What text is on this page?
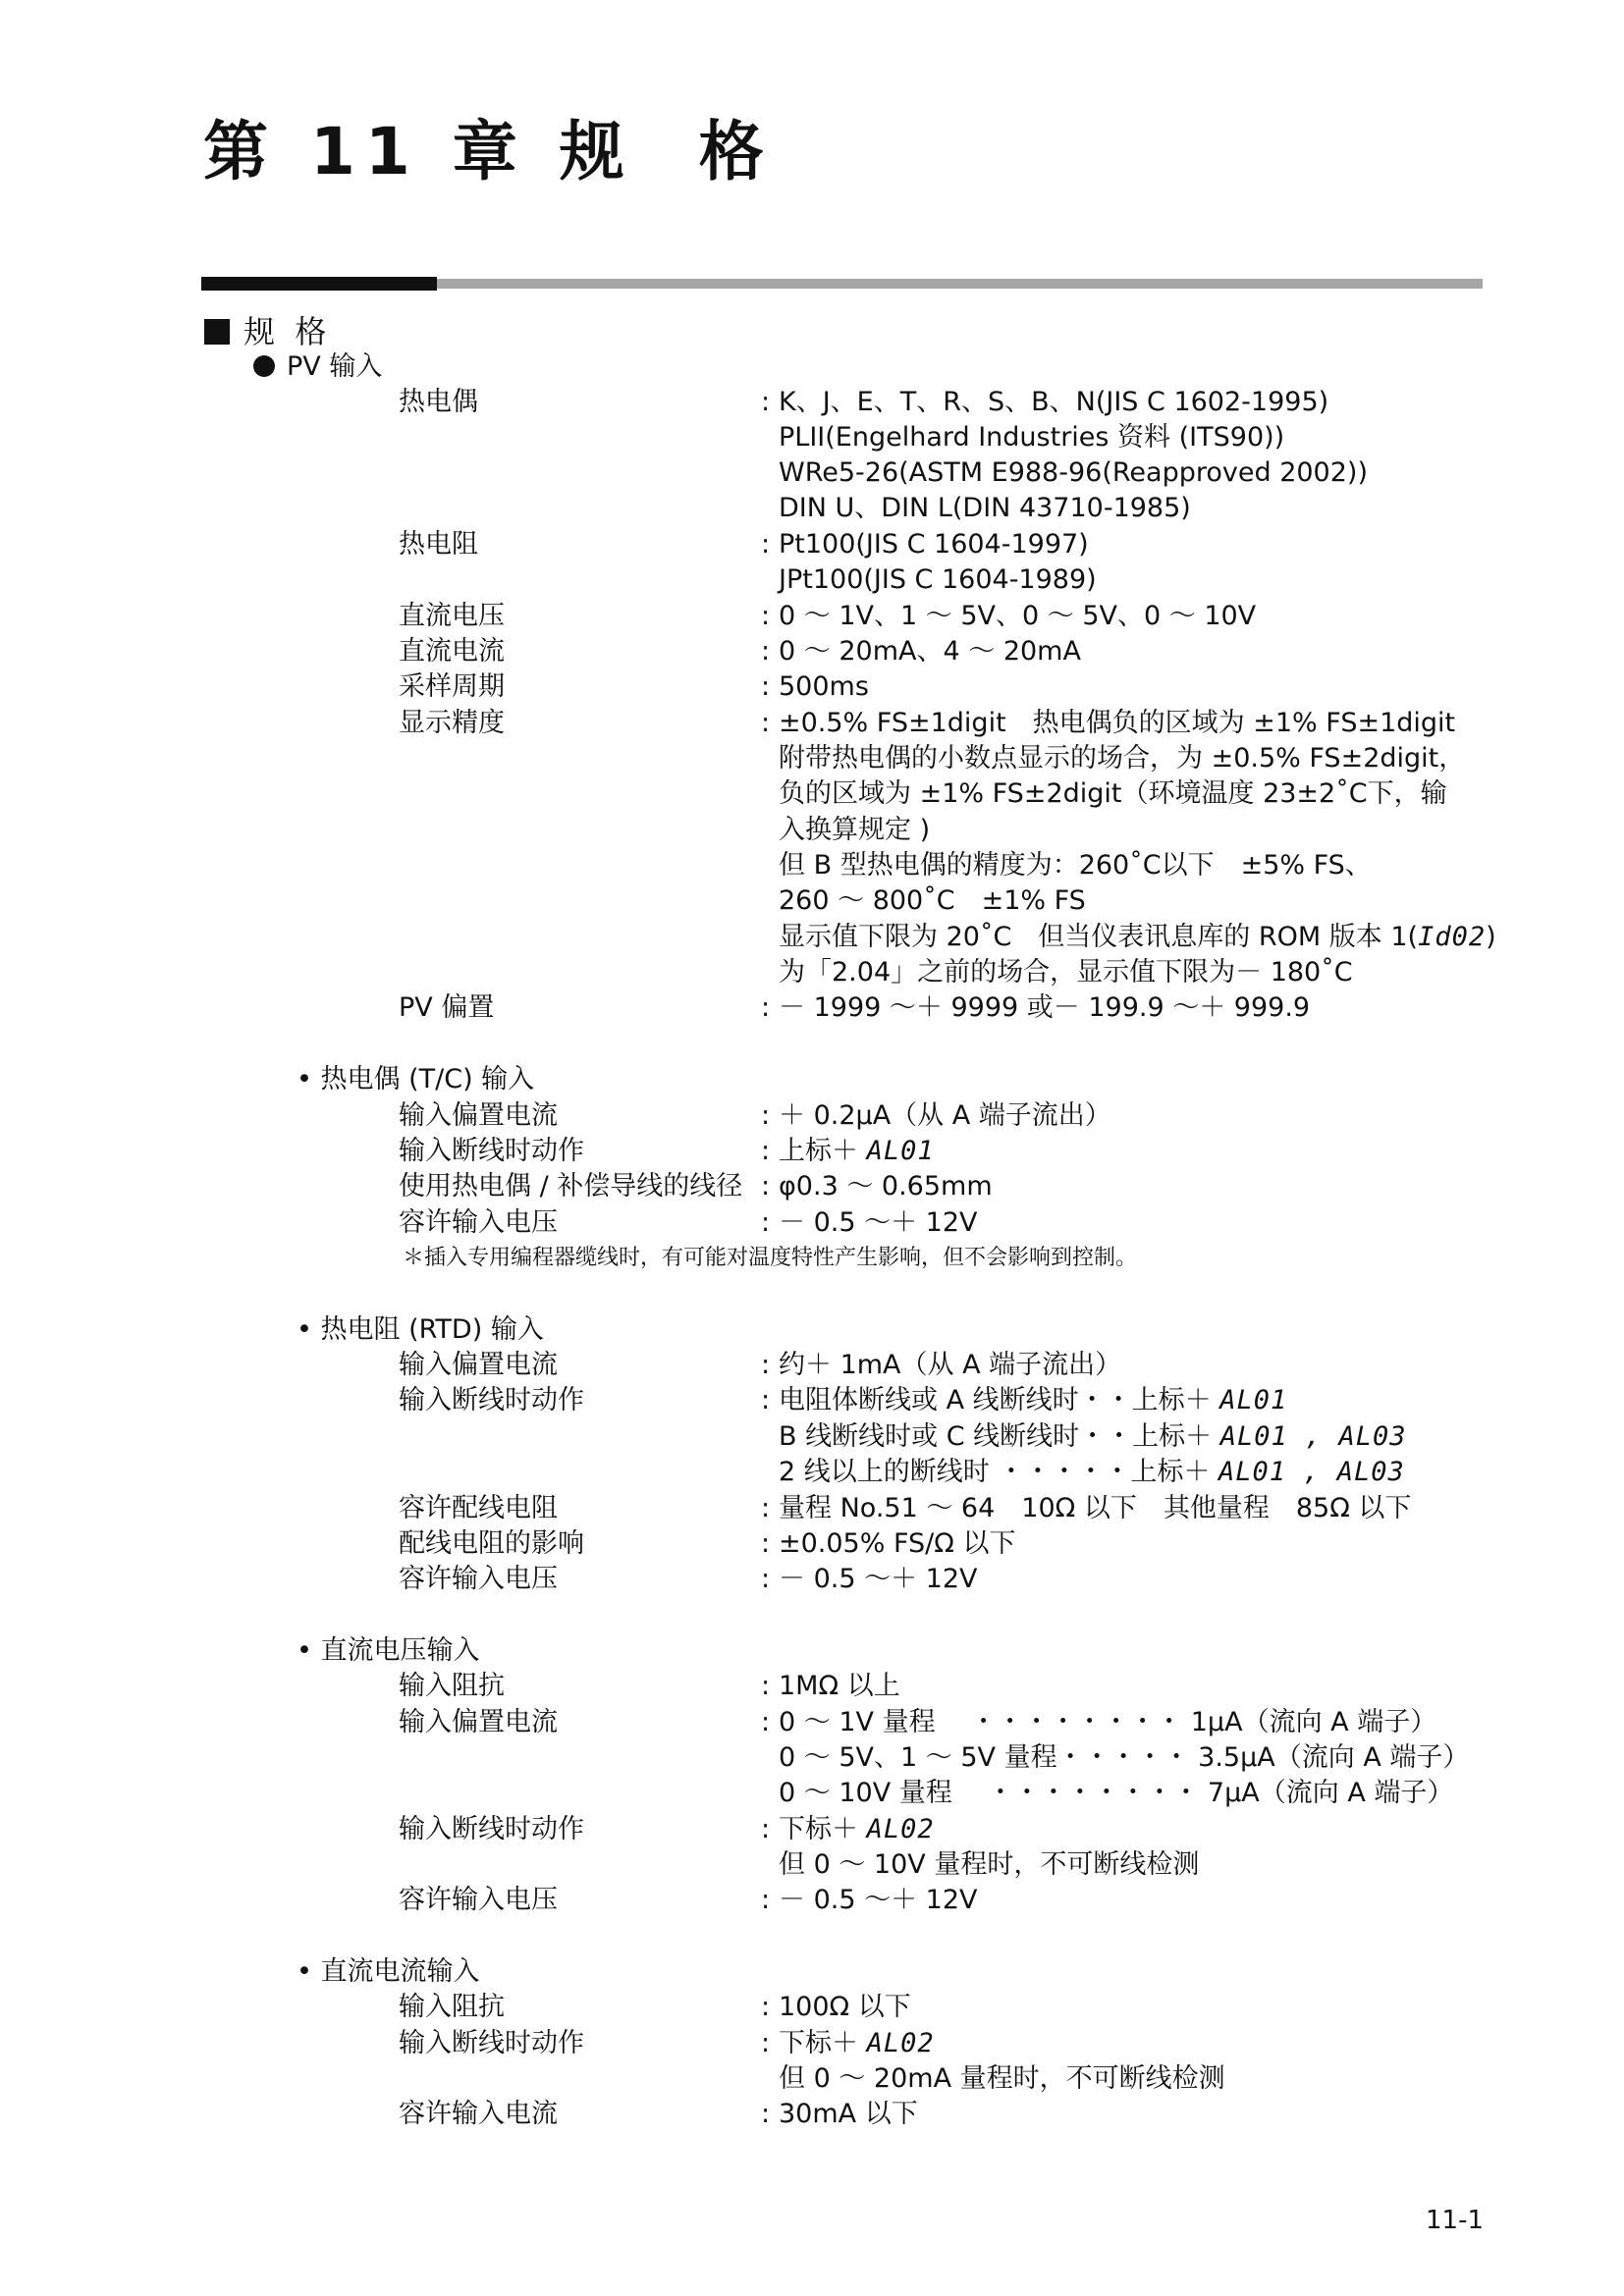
第 11 章 规  格
规  格
PV 输入
热电偶	: K、J、E、T、R、S、B、N(JIS C 1602-1995)
PLII(Engelhard Industries 资料 (ITS90))
WRe5-26(ASTM E988-96(Reapproved 2002))
DIN U、DIN L(DIN 43710-1985)
热电阻	: Pt100(JIS C 1604-1997)
JPt100(JIS C 1604-1989)
直流电压	: 0 ～ 1V、1 ～ 5V、0 ～ 5V、0 ～ 10V
直流电流	: 0 ～ 20mA、4 ～ 20mA
采样周期	: 500ms
显示精度	: ±0.5% FS±1digit　热电偶负的区域为 ±1% FS±1digit
附带热电偶的小数点显示的场合，为 ±0.5% FS±2digit，
负的区域为 ±1% FS±2digit（环境温度 23±2˚C下，输
入换算规定 )
但 B 型热电偶的精度为：260˚C以下　±5% FS、
260 ～ 800˚C　±1% FS
显示值下限为 20˚C　但当仪表讯息库的 ROM 版本 1(Id02)
为「2.04」之前的场合，显示值下限为－ 180˚C
PV 偏置	: － 1999 ～＋ 9999 或－ 199.9 ～＋ 999.9
• 热电偶 (T/C) 输入
输入偏置电流	: ＋ 0.2μA（从 A 端子流出）
输入断线时动作	: 上标＋ AL01
使用热电偶 / 补偿导线的线径 : φ0.3 ～ 0.65mm
容许输入电压	: － 0.5 ～＋ 12V
＊插入专用编程器缆线时，有可能对温度特性产生影响，但不会影响到控制。
• 热电阻 (RTD) 输入
输入偏置电流	: 约＋ 1mA（从 A 端子流出）
输入断线时动作	: 电阻体断线或 A 线断线时・・上标＋ AL01
B 线断线时或 C 线断线时・・上标＋ AL01 , AL03
2 线以上的断线时 ・・・・・上标＋ AL01 , AL03
容许配线电阻	: 量程 No.51 ～ 64　10Ω 以下　其他量程　85Ω 以下
配线电阻的影响	: ±0.05% FS/Ω 以下
容许输入电压	: － 0.5 ～＋ 12V
• 直流电压输入
输入阻抗	: 1MΩ 以上
输入偏置电流	: 0 ～ 1V 量程　 ・・・・・・・・ 1μA（流向 A 端子）
0 ～ 5V、1 ～ 5V 量程・・・・・ 3.5μA（流向 A 端子）
0 ～ 10V 量程　 ・・・・・・・・ 7μA（流向 A 端子）
输入断线时动作	: 下标＋ AL02
但 0 ～ 10V 量程时，不可断线检测
容许输入电压	: － 0.5 ～＋ 12V
• 直流电流输入
输入阻抗	: 100Ω 以下
输入断线时动作	: 下标＋ AL02
但 0 ～ 20mA 量程时，不可断线检测
容许输入电流	: 30mA 以下
11-1
